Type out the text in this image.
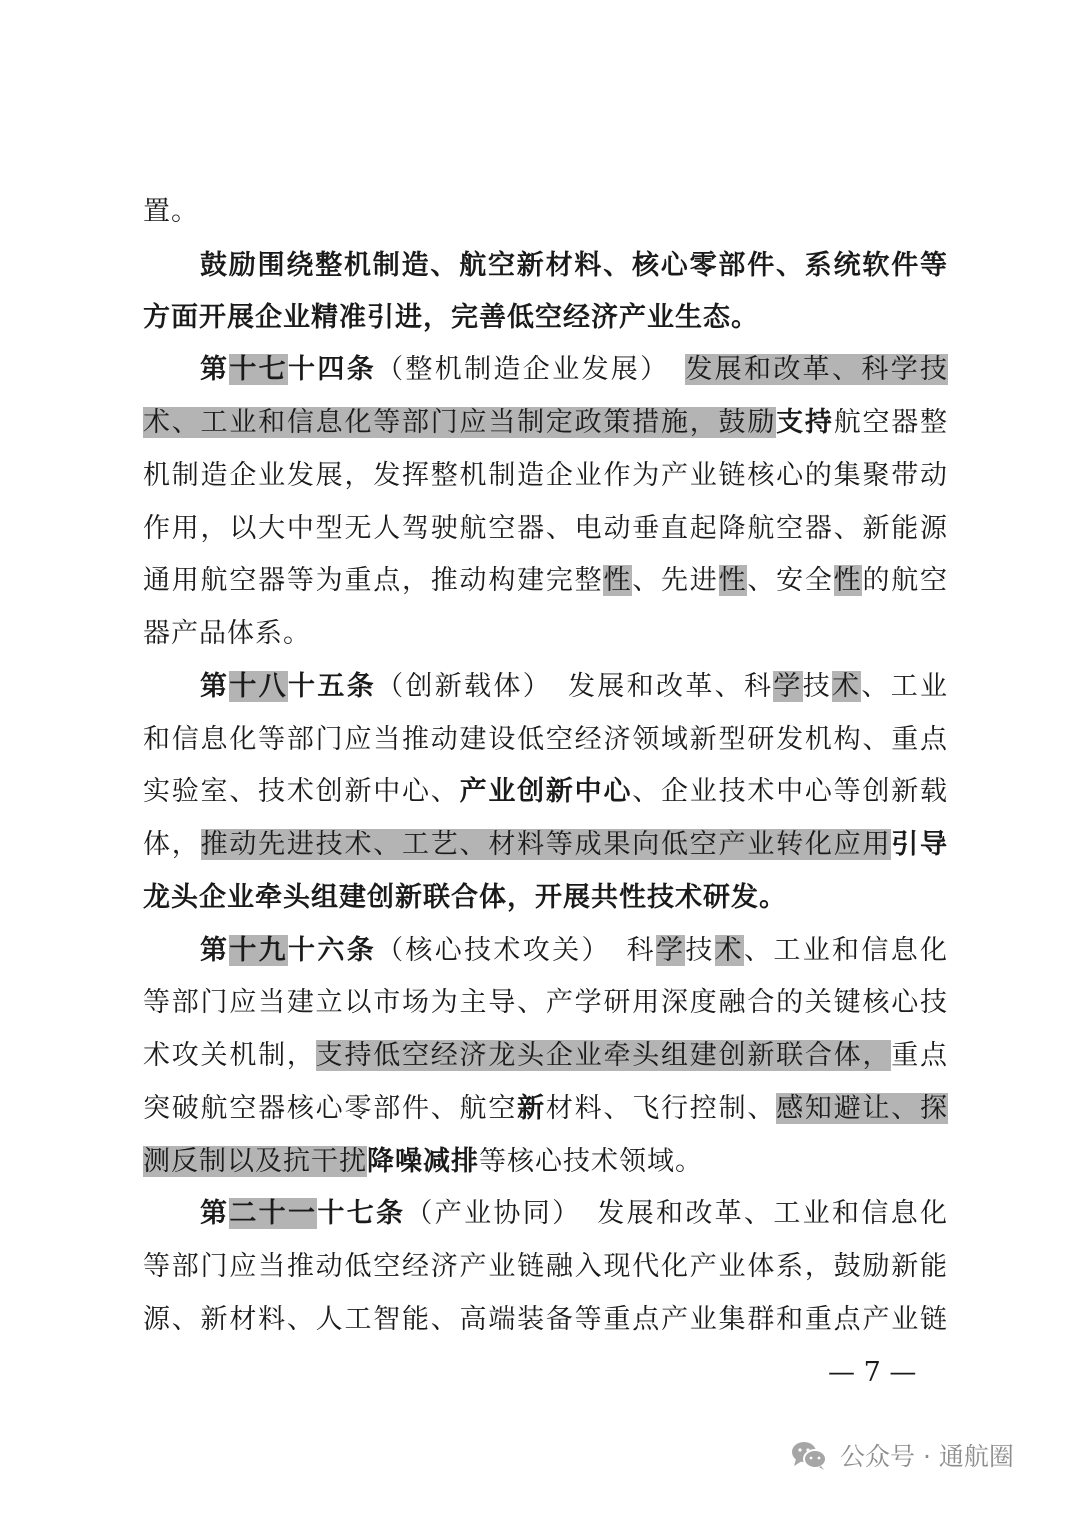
置。
鼓励围绕整机制造、航空新材料、核心零部件、系统软件等
方面开展企业精准引进，完善低空经济产业生态。
第十七十四条（整机制造企业发展）　 发展和改革、科学技
术、工业和信息化等部门应当制定政策措施，鼓励支持航空器整
机制造企业发展，发挥整机制造企业作为产业链核心的集聚带动
作用，以大中型无人驾驶航空器、电动垂直起降航空器、新能源
通用航空器等为重点，推动构建完整性、先进性、安全性的航空
器产品体系。
第十八十五条（创新载体）　 发展和改革、科学技术、工业
和信息化等部门应当推动建设低空经济领域新型研发机构、重点
实验室、技术创新中心、产业创新中心、企业技术中心等创新载
体，推动先进技术、工艺、材料等成果向低空产业转化应用引导
龙头企业牵头组建创新联合体，开展共性技术研发。
第十九十六条（核心技术攻关）　 科学技术、工业和信息化
等部门应当建立以市场为主导、产学研用深度融合的关键核心技
术攻关机制，支持低空经济龙头企业牵头组建创新联合体，重点
突破航空器核心零部件、航空新材料、飞行控制、感知避让、探
测反制以及抗干扰降噪减排等核心技术领域。
第二十一十七条（产业协同）　 发展和改革、工业和信息化
等部门应当推动低空经济产业链融入现代化产业体系，鼓励新能
源、新材料、人工智能、高端装备等重点产业集群和重点产业链
— 7 —
公众号 · 通航圈
